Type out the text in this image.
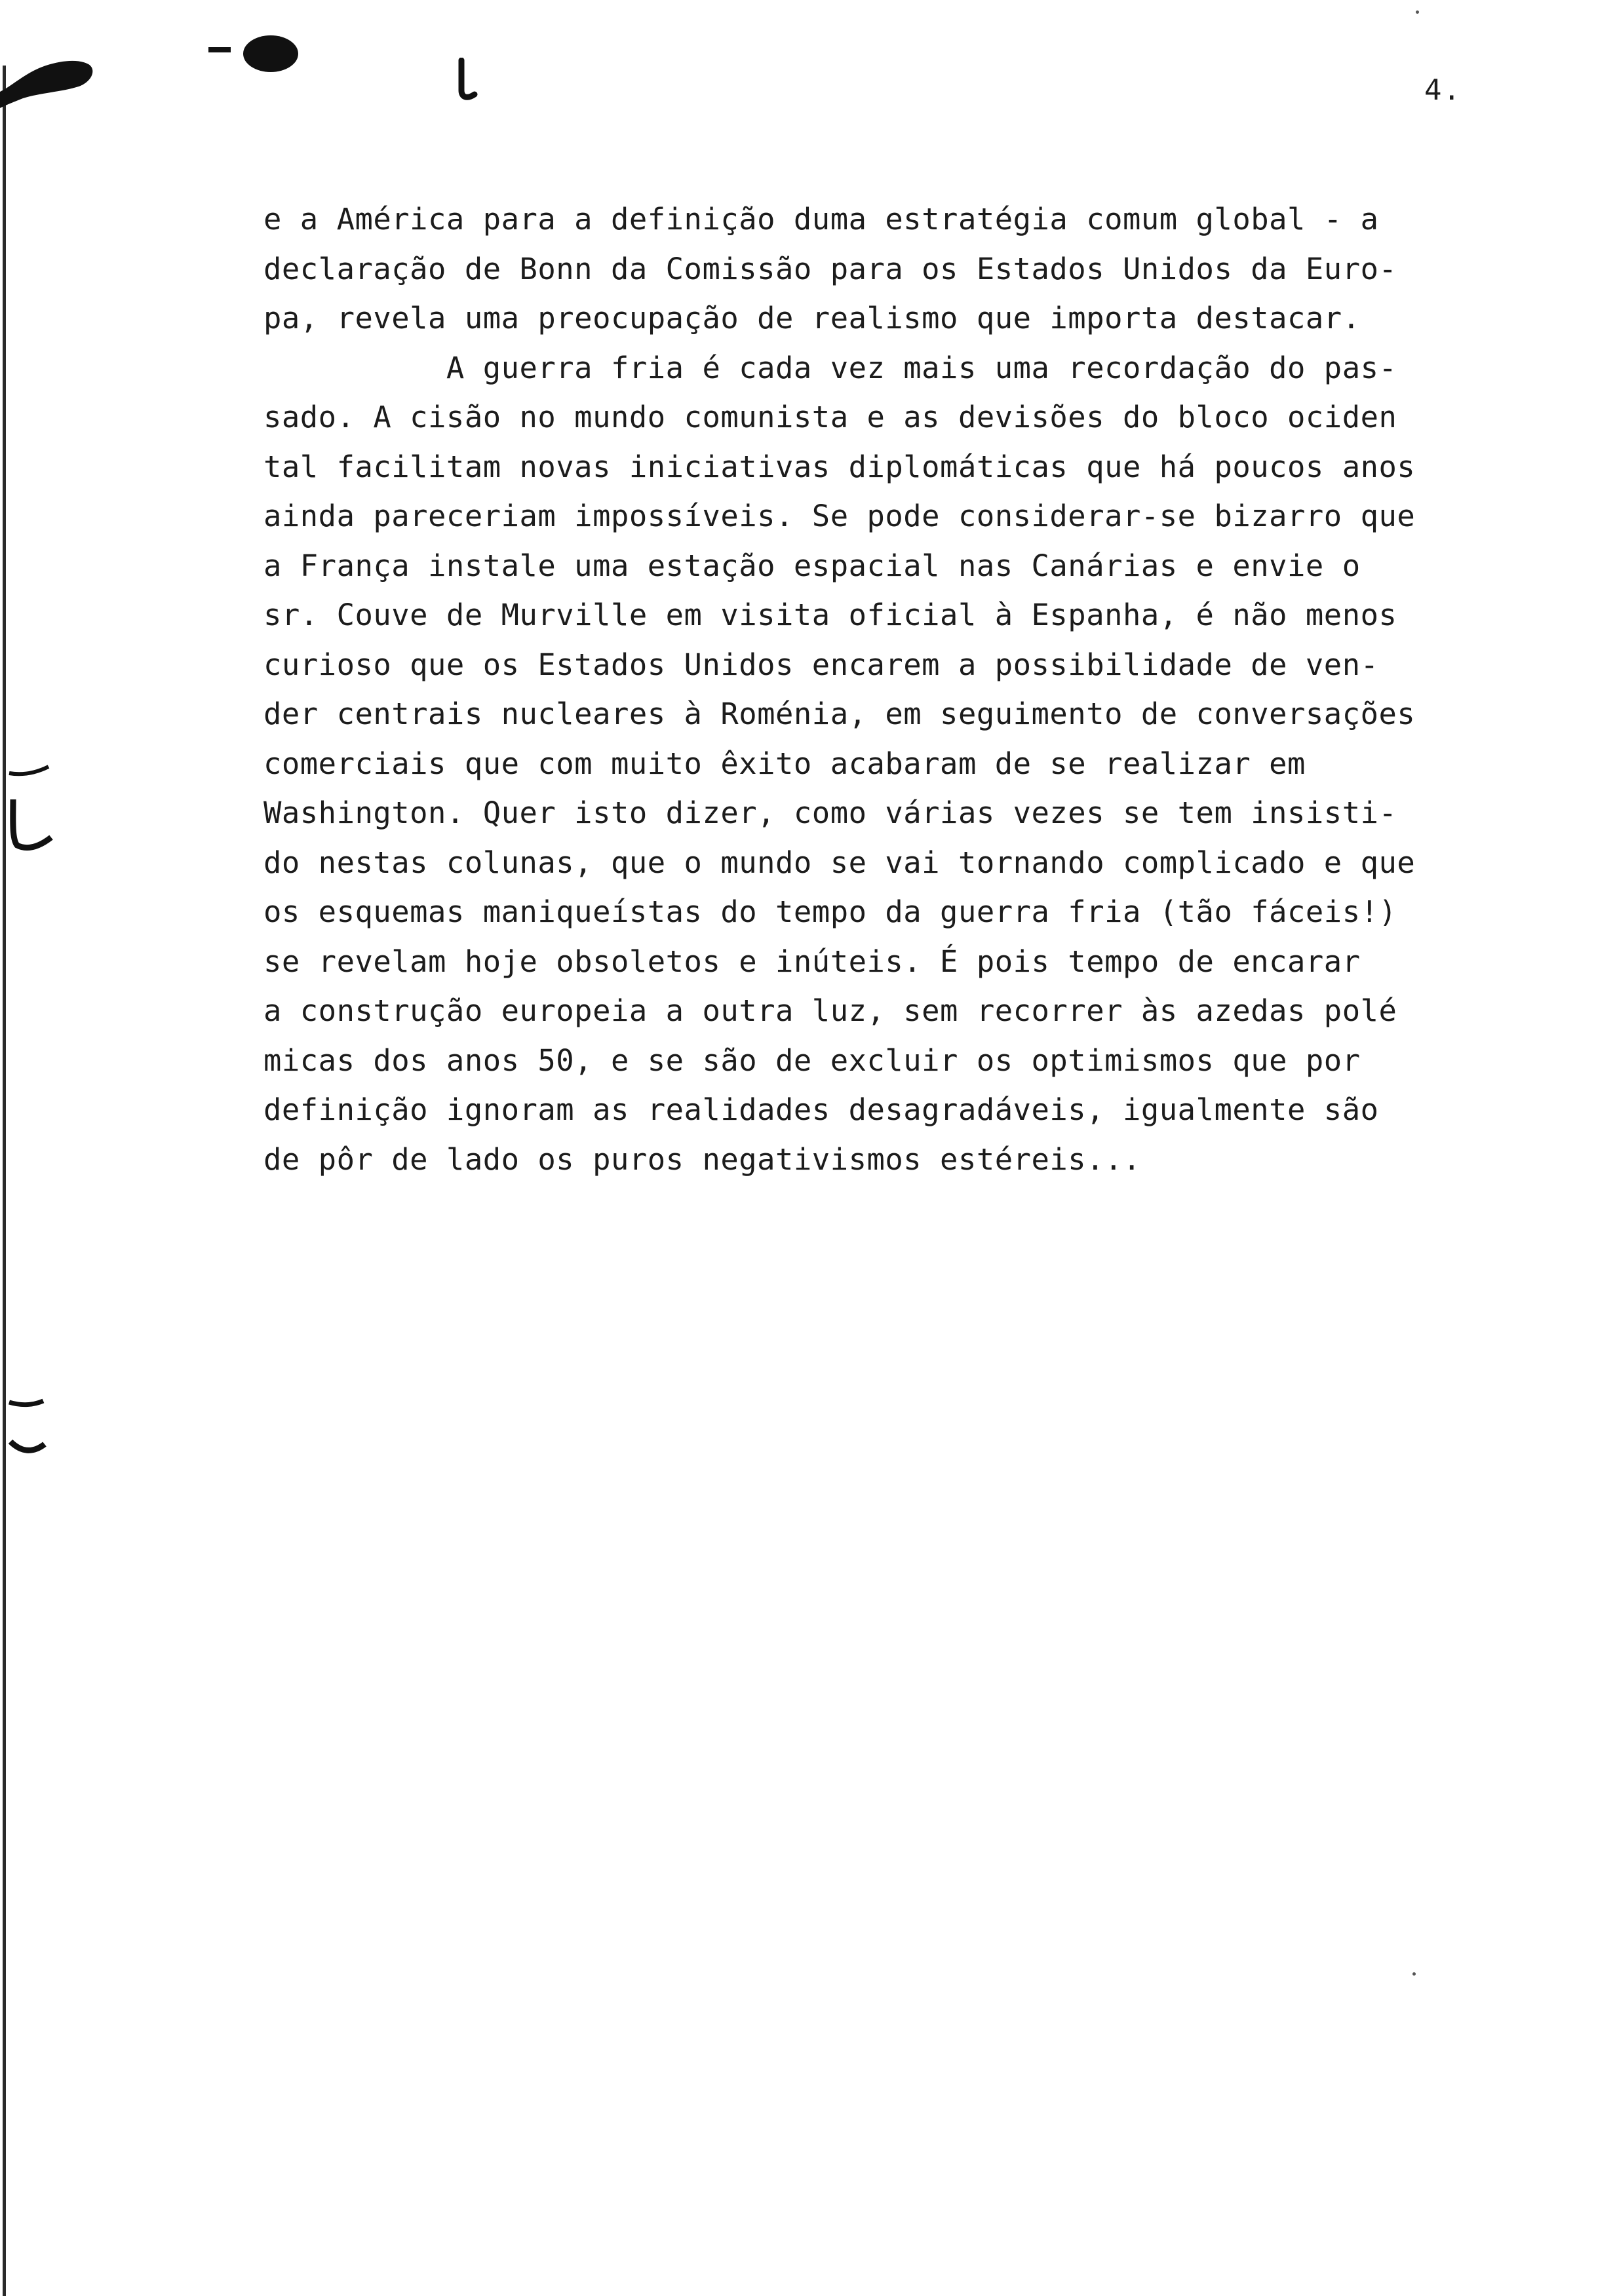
4.
e a América para a definição duma estratégia comum global - a
declaração de Bonn da Comissão para os Estados Unidos da Euro-
pa, revela uma preocupação de realismo que importa destacar.
A guerra fria é cada vez mais uma recordação do pas-
sado. A cisão no mundo comunista e as devisões do bloco ociden
tal facilitam novas iniciativas diplomáticas que há poucos anos
ainda pareceriam impossíveis. Se pode considerar-se bizarro que
a França instale uma estação espacial nas Canárias e envie o
sr. Couve de Murville em visita oficial à Espanha, é não menos
curioso que os Estados Unidos encarem a possibilidade de ven-
der centrais nucleares à Roménia, em seguimento de conversações
comerciais que com muito êxito acabaram de se realizar em
Washington. Quer isto dizer, como várias vezes se tem insisti-
do nestas colunas, que o mundo se vai tornando complicado e que
os esquemas maniqueístas do tempo da guerra fria (tão fáceis!)
se revelam hoje obsoletos e inúteis. É pois tempo de encarar
a construção europeia a outra luz, sem recorrer às azedas polé
micas dos anos 50, e se são de excluir os optimismos que por
definição ignoram as realidades desagradáveis, igualmente são
de pôr de lado os puros negativismos estéreis...
